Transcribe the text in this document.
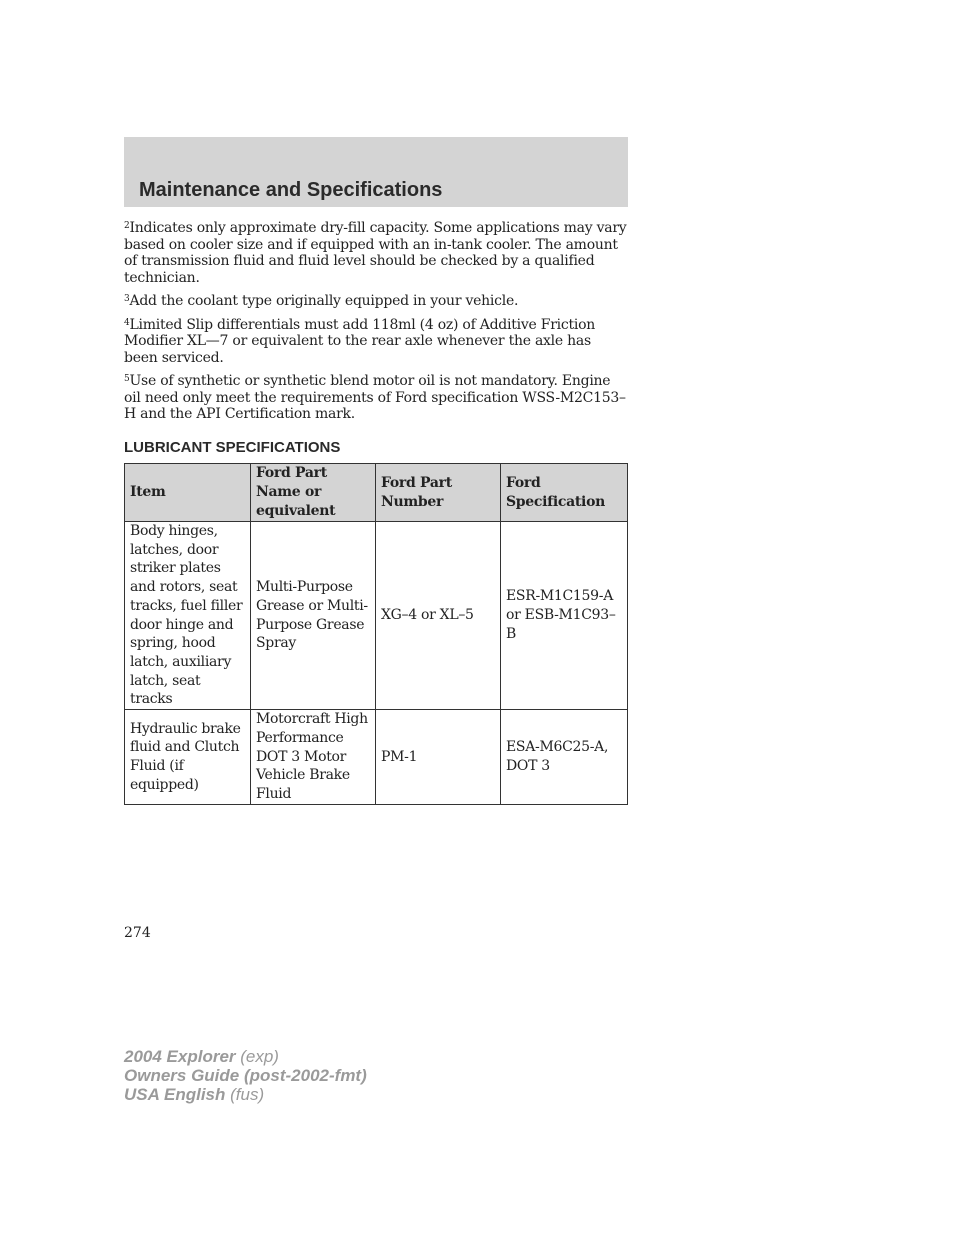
Maintenance and Specifications

$^2$Indicates only approximate dry-fill capacity. Some applications may vary based on cooler size and if equipped with an in-tank cooler. The amount of transmission fluid and fluid level should be checked by a qualified technician.

$^3$Add the coolant type originally equipped in your vehicle.

$^4$Limited Slip differentials must add 118ml (4 oz) of Additive Friction Modifier XL—7 or equivalent to the rear axle whenever the axle has been serviced.

$^5$Use of synthetic or synthetic blend motor oil is not mandatory. Engine oil need only meet the requirements of Ford specification WSS-M2C153–H and the API Certification mark.

LUBRICANT SPECIFICATIONS
Item	Ford Part Name or equivalent	Ford Part Number	Ford Specification
Body hinges, latches, door striker plates and rotors, seat tracks, fuel filler door hinge and spring, hood latch, auxiliary latch, seat tracks	Multi-Purpose Grease or Multi-Purpose Grease Spray	XG–4 or XL–5	ESR-M1C159-A or ESB-M1C93–B
Hydraulic brake fluid and Clutch Fluid (if equipped)	Motorcraft High Performance DOT 3 Motor Vehicle Brake Fluid	PM-1	ESA-M6C25-A, DOT 3

274

2004 Explorer (exp)
Owners Guide (post-2002-fmt)
USA English (fus)
